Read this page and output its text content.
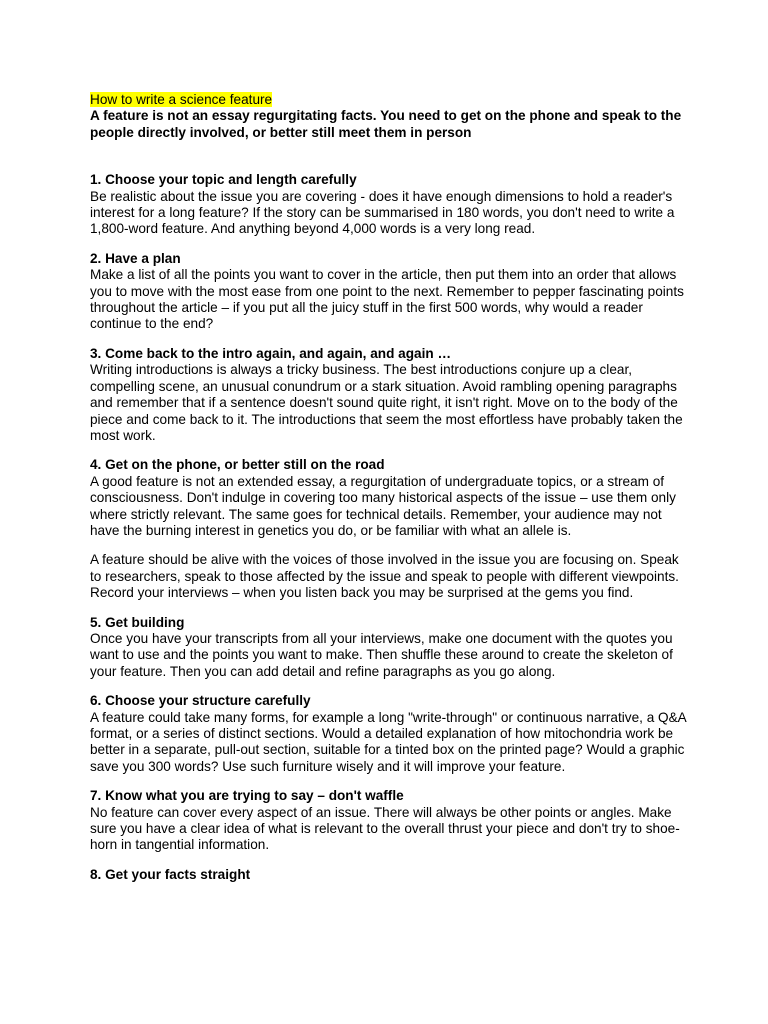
How to write a science feature

A feature is not an essay regurgitating facts. You need to get on the phone and speak to the people directly involved, or better still meet them in person

1. Choose your topic and length carefully

Be realistic about the issue you are covering - does it have enough dimensions to hold a reader's interest for a long feature? If the story can be summarised in 180 words, you don't need to write a 1,800-word feature. And anything beyond 4,000 words is a very long read.

2. Have a plan

Make a list of all the points you want to cover in the article, then put them into an order that allows you to move with the most ease from one point to the next. Remember to pepper fascinating points throughout the article – if you put all the juicy stuff in the first 500 words, why would a reader continue to the end?

3. Come back to the intro again, and again, and again …

Writing introductions is always a tricky business. The best introductions conjure up a clear, compelling scene, an unusual conundrum or a stark situation. Avoid rambling opening paragraphs and remember that if a sentence doesn't sound quite right, it isn't right. Move on to the body of the piece and come back to it. The introductions that seem the most effortless have probably taken the most work.

4. Get on the phone, or better still on the road

A good feature is not an extended essay, a regurgitation of undergraduate topics, or a stream of consciousness. Don't indulge in covering too many historical aspects of the issue – use them only where strictly relevant. The same goes for technical details. Remember, your audience may not have the burning interest in genetics you do, or be familiar with what an allele is.

A feature should be alive with the voices of those involved in the issue you are focusing on. Speak to researchers, speak to those affected by the issue and speak to people with different viewpoints. Record your interviews – when you listen back you may be surprised at the gems you find.

5. Get building

Once you have your transcripts from all your interviews, make one document with the quotes you want to use and the points you want to make. Then shuffle these around to create the skeleton of your feature. Then you can add detail and refine paragraphs as you go along.

6. Choose your structure carefully

A feature could take many forms, for example a long "write-through" or continuous narrative, a Q&A format, or a series of distinct sections. Would a detailed explanation of how mitochondria work be better in a separate, pull-out section, suitable for a tinted box on the printed page? Would a graphic save you 300 words? Use such furniture wisely and it will improve your feature.

7. Know what you are trying to say – don't waffle

No feature can cover every aspect of an issue. There will always be other points or angles. Make sure you have a clear idea of what is relevant to the overall thrust your piece and don't try to shoe-horn in tangential information.

8. Get your facts straight
